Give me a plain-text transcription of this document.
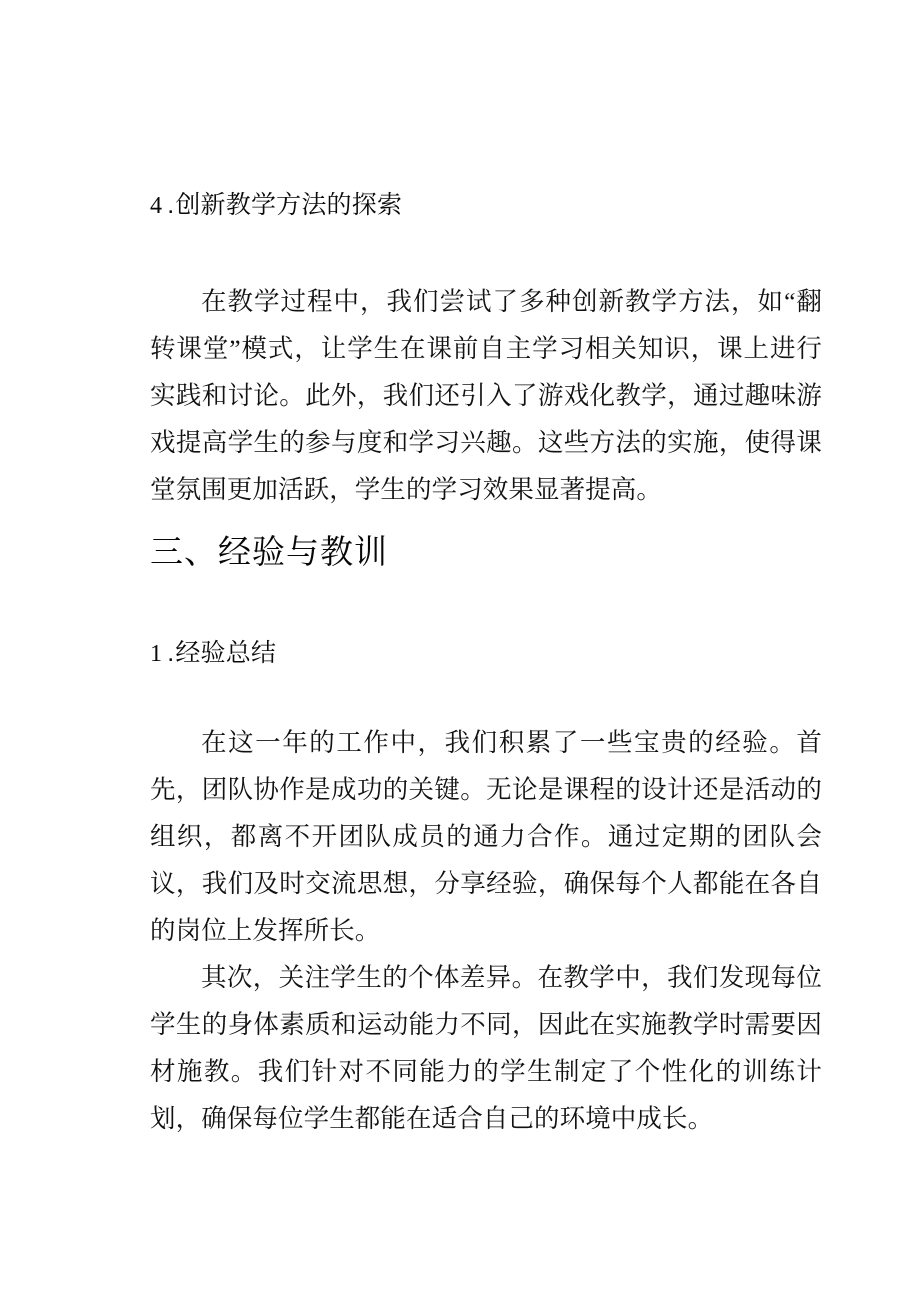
4 .创新教学方法的探索

在教学过程中，我们尝试了多种创新教学方法，如“翻转课堂”模式，让学生在课前自主学习相关知识，课上进行实践和讨论。此外，我们还引入了游戏化教学，通过趣味游戏提高学生的参与度和学习兴趣。这些方法的实施，使得课堂氛围更加活跃，学生的学习效果显著提高。

三、经验与教训
1 .经验总结

在这一年的工作中，我们积累了一些宝贵的经验。首先，团队协作是成功的关键。无论是课程的设计还是活动的组织，都离不开团队成员的通力合作。通过定期的团队会议，我们及时交流思想，分享经验，确保每个人都能在各自的岗位上发挥所长。

其次，关注学生的个体差异。在教学中，我们发现每位学生的身体素质和运动能力不同，因此在实施教学时需要因材施教。我们针对不同能力的学生制定了个性化的训练计划，确保每位学生都能在适合自己的环境中成长。
